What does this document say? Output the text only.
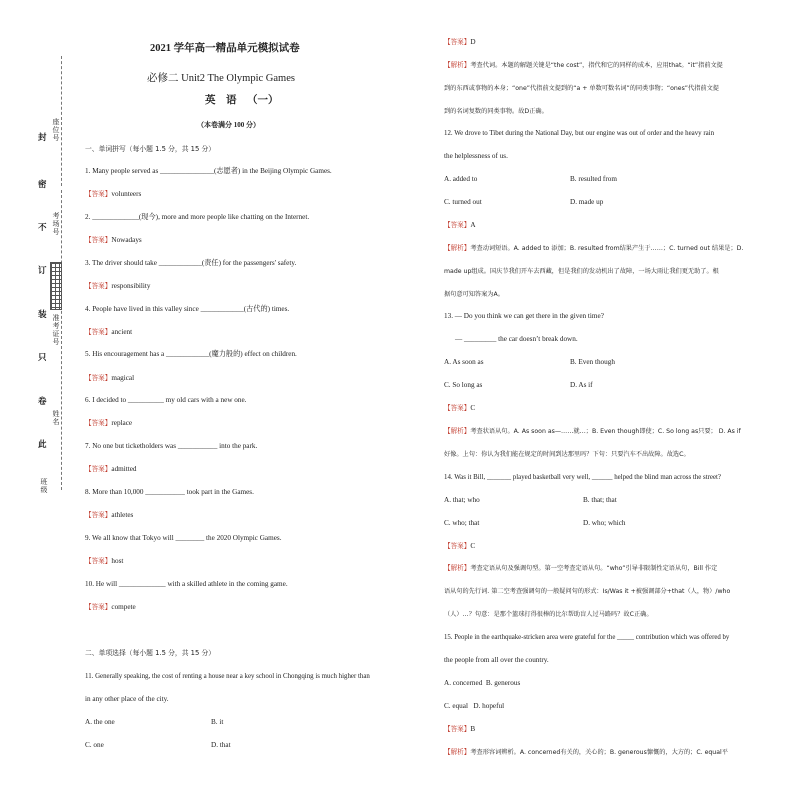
封
密
不
订
装
只
卷
此
座位号
考场号
准考证号
姓名
班级
2021 学年高一精品单元模拟试卷
必修二 Unit2 The Olympic Games
英    语    （一）
（本卷满分 100 分）
一、单词拼写（每小题 1.5 分，共 15 分）
1. Many people served as _______________(志愿者) in the Beijing Olympic Games.
【答案】volunteers
2. _____________(现今), more and more people like chatting on the Internet.
【答案】Nowadays
3. The driver should take ____________(责任) for the passengers' safety.
【答案】responsibility
4. People have lived in this valley since ____________(古代的) times.
【答案】ancient
5. His encouragement has a ____________(魔力般的) effect on children.
【答案】magical
6. I decided to __________ my old cars with a new one.
【答案】replace
7. No one but ticketholders was ___________ into the park.
【答案】admitted
8. More than 10,000 ___________ took part in the Games.
【答案】athletes
9. We all know that Tokyo will ________ the 2020 Olympic Games.
【答案】host
10. He will _____________ with a skilled athlete in the coming game.
【答案】compete
二、单项选择（每小题 1.5 分，共 15 分）
11. Generally speaking, the cost of renting a house near a key school in Chongqing is much higher than
in any other place of the city.
A. the one	B. it
C. one	D. that
【答案】D
【解析】考查代词。本题的解题关键是“the cost”，指代和它的同样的成本，应用that。“it”指前文提
到的东西或事物的本身；“one”代指前文提到的“a + 单数可数名词”的同类事物；“ones”代指前文提
到的名词复数的同类事物。故D正确。
12. We drove to Tibet during the National Day, but our engine was out of order and the heavy rain
the helplessness of us.
A. added to	B. resulted from
C. turned out	D. made up
【答案】A
【解析】考查动词短语。A. added to 添加；B. resulted from结果产生于……；C. turned out 结果是；D.
made up组成。国庆节我们开车去西藏，但是我们的发动机出了故障，一场大雨让我们更无助了。根
据句意可知答案为A。
13. — Do you think we can get there in the given time?
— _________ the car doesn’t break down.
A. As soon as	B. Even though
C. So long as	D. As if
【答案】C
【解析】考查状语从句。A. As soon as—……就…；B. Even though即使；C. So long as只要； D. As if
好像。上句：你认为我们能在规定的时间到达那里吗？下句：只要汽车不出故障。故选C。
14. Was it Bill, _______ played basketball very well, ______ helped the blind man across the street?
A. that; who	B. that; that
C. who; that	D. who; which
【答案】C
【解析】考查定语从句及强调句型。第一空考查定语从句。“who”引导非限制性定语从句，Bill 作定
语从句的先行词. 第二空考查强调句的一般疑问句的形式：Is/Was it +被强调部分+that（人，物）/who
（人）…？句意：是那个篮球打得很棒的比尔帮助盲人过马路吗？故C正确。
15. People in the earthquake-stricken area were grateful for the _____ contribution which was offered by
the people from all over the country.
A. concerned  B. generous
C. equal   D. hopeful
【答案】B
【解析】考查形容词辨析。A. concerned有关的，关心的；B. generous慷慨的，大方的；C. equal平
